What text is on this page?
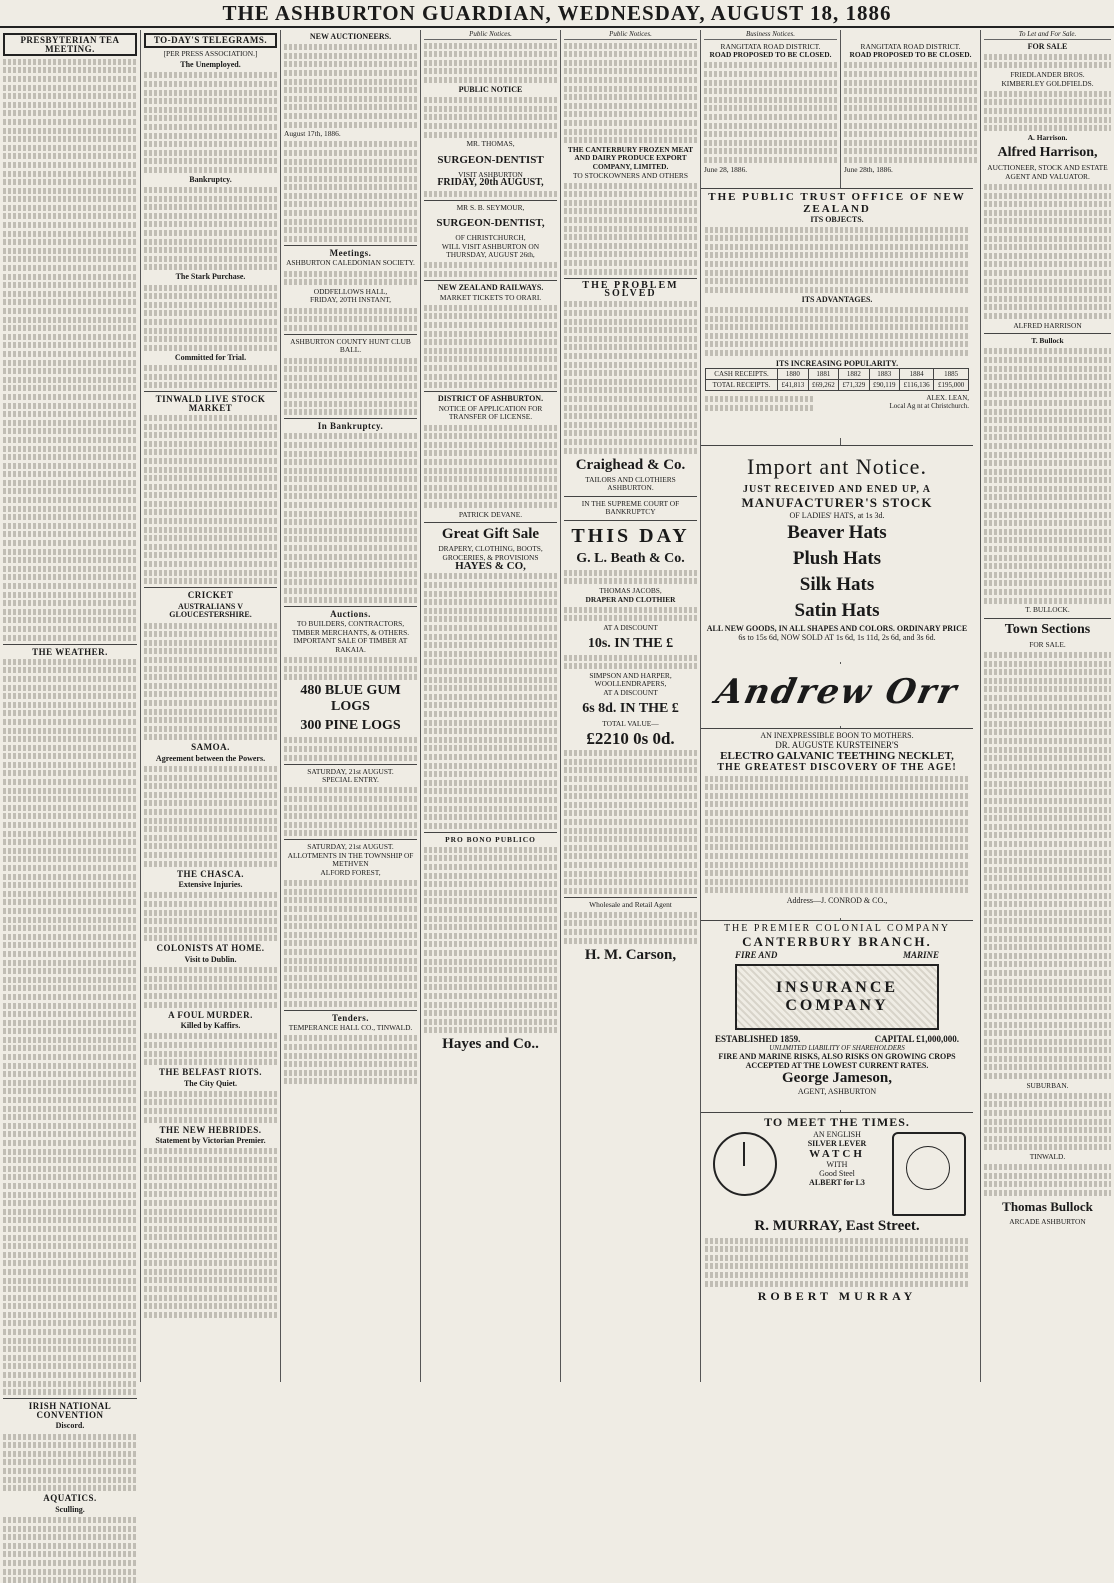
THE ASHBURTON GUARDIAN, WEDNESDAY, AUGUST 18, 1886
PRESBYTERIAN TEA MEETING.
THE WEATHER.
IRISH NATIONAL CONVENTION
Discord.
AQUATICS.
Sculling.
TO-DAY'S TELEGRAMS.
[PER PRESS ASSOCIATION.]
The Unemployed.
Bankruptcy.
The Stark Purchase.
Committed for Trial.
TINWALD LIVE STOCK MARKET
CRICKET
AUSTRALIANS V GLOUCESTERSHIRE.
SAMOA.
Agreement between the Powers.
THE CHASCA.
Extensive Injuries.
COLONISTS AT HOME.
Visit to Dublin.
A FOUL MURDER.
Killed by Kaffirs.
THE BELFAST RIOTS.
The City Quiet.
THE NEW HEBRIDES.
Statement by Victorian Premier.
NEW AUCTIONEERS.
August 17th, 1886.
Meetings.
ASHBURTON CALEDONIAN SOCIETY.
ODDFELLOWS HALL,
FRIDAY, 20TH INSTANT,
ASHBURTON COUNTY HUNT CLUB BALL.
In Bankruptcy.
Auctions.
TO BUILDERS, CONTRACTORS, TIMBER MERCHANTS, & OTHERS.
IMPORTANT SALE OF TIMBER AT RAKAIA.
480 BLUE GUM LOGS
300 PINE LOGS
SATURDAY, 21st AUGUST.
SPECIAL ENTRY.
SATURDAY, 21st AUGUST.
ALLOTMENTS IN THE TOWNSHIP OF METHVEN
ALFORD FOREST,
Tenders.
TEMPERANCE HALL CO., TINWALD.
Public Notices.
PUBLIC NOTICE
MR. THOMAS,
SURGEON-DENTIST
VISIT ASHBURTON
FRIDAY, 20th AUGUST,
MR S. B. SEYMOUR,
SURGEON-DENTIST,
OF CHRISTCHURCH,
WILL VISIT ASHBURTON ON THURSDAY, AUGUST 26th,
NEW ZEALAND RAILWAYS.
MARKET TICKETS TO ORARI.
DISTRICT OF ASHBURTON.
NOTICE OF APPLICATION FOR TRANSFER OF LICENSE.
PATRICK DEVANE.
Great Gift Sale
DRAPERY, CLOTHING, BOOTS, GROCERIES, & PROVISIONS
HAYES & CO,
PRO BONO PUBLICO
Hayes and Co..
Public Notices.
THE CANTERBURY FROZEN MEAT AND DAIRY PRODUCE EXPORT COMPANY, LIMITED.
TO STOCKOWNERS AND OTHERS
THE PROBLEM SOLVED
Craighead & Co.
TAILORS AND CLOTHIERS
ASHBURTON.
IN THE SUPREME COURT OF
BANKRUPTCY
THIS DAY
G. L. Beath & Co.
THOMAS JACOBS,
DRAPER AND CLOTHIER
AT A DISCOUNT
10s. IN THE £
SIMPSON AND HARPER,
WOOLLENDRAPERS,
AT A DISCOUNT
6s 8d. IN THE £
TOTAL VALUE—
£2210 0s 0d.
Wholesale and Retail Agent
H. M. Carson,
Business Notices.
RANGITATA ROAD DISTRICT.
ROAD PROPOSED TO BE CLOSED.
June 28, 1886.
RANGITATA ROAD DISTRICT.
ROAD PROPOSED TO BE CLOSED.
June 28th, 1886.
To Let and For Sale.
FOR SALE
FRIEDLANDER BROS.
KIMBERLEY GOLDFIELDS.
A. Harrison.
Alfred Harrison,
AUCTIONEER, STOCK AND ESTATE AGENT AND VALUATOR.
ALFRED HARRISON
T. Bullock
T. BULLOCK.
Town Sections
FOR SALE.
SUBURBAN.
TINWALD.
Thomas Bullock
ARCADE ASHBURTON
THE PUBLIC TRUST OFFICE OF NEW ZEALAND
ITS OBJECTS.
ITS ADVANTAGES.
ITS INCREASING POPULARITY.
CASH RECEIPTS.	1880	1881	1882	1883	1884	1885
TOTAL RECEIPTS.	£41,813	£69,262	£71,329	£90,119	£116,136	£195,000
ALEX. LEAN,
Local Ag nt at Christchurch.
Import ant Notice.
JUST RECEIVED AND ENED UP, A
MANUFACTURER'S STOCK
OF LADIES' HATS, at 1s 3d.
Beaver Hats
Plush Hats
Silk Hats
Satin Hats
ALL NEW GOODS, IN ALL SHAPES AND COLORS. ORDINARY PRICE
6s to 15s 6d, NOW SOLD AT 1s 6d, 1s 11d, 2s 6d, and 3s 6d.
Andrew Orr
AN INEXPRESSIBLE BOON TO MOTHERS.
DR. AUGUSTE KURSTEINER'S
ELECTRO GALVANIC TEETHING NECKLET,
THE GREATEST DISCOVERY OF THE AGE!
Address—J. CONROD & CO.,
THE PREMIER COLONIAL COMPANY
CANTERBURY BRANCH.
FIRE AND	MARINE
INSURANCE COMPANY
ESTABLISHED 1859.	CAPITAL £1,000,000.
UNLIMITED LIABILITY OF SHAREHOLDERS
FIRE AND MARINE RISKS, ALSO RISKS ON GROWING CROPS ACCEPTED AT THE LOWEST CURRENT RATES.
George Jameson,
AGENT, ASHBURTON
TO MEET THE TIMES.
AN ENGLISH
SILVER LEVER
WATCH
WITH
Good Steel
ALBERT for L3
R. MURRAY, East Street.
ROBERT MURRAY
